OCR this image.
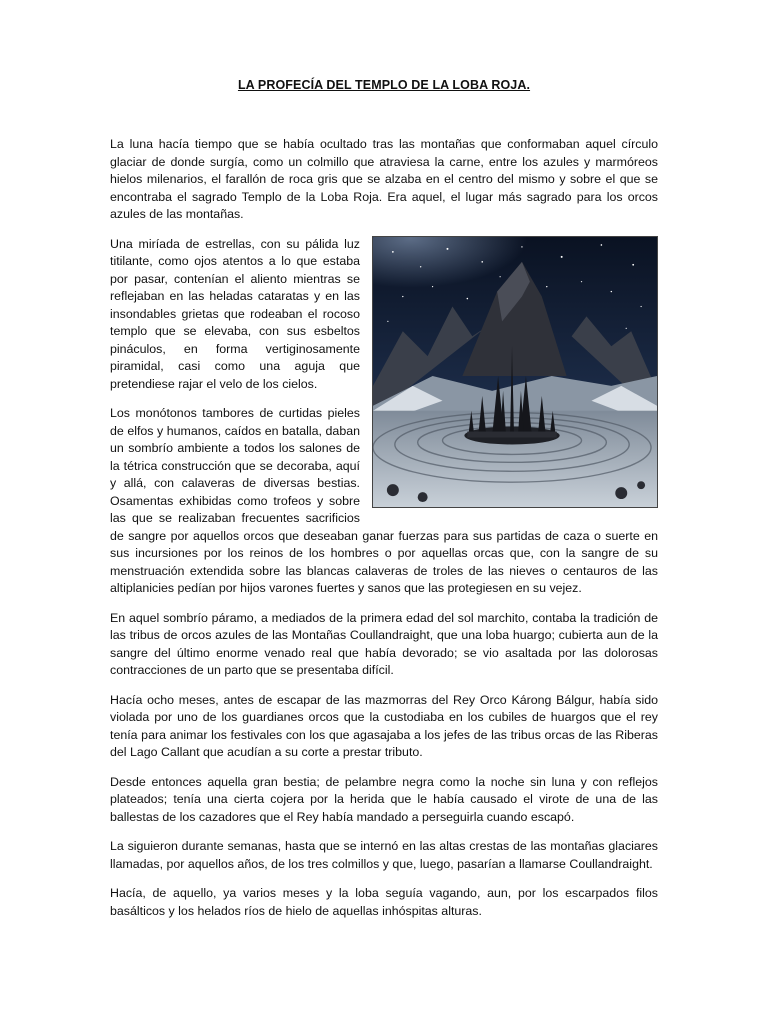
LA PROFECÍA DEL TEMPLO DE LA LOBA ROJA.

La luna hacía tiempo que se había ocultado tras las montañas que conformaban aquel círculo glaciar de donde surgía, como un colmillo que atraviesa la carne, entre los azules y marmóreos hielos milenarios, el farallón de roca gris que se alzaba en el centro del mismo y sobre el que se encontraba el sagrado Templo de la Loba Roja. Era aquel, el lugar más sagrado para los orcos azules de las montañas.

Una miríada de estrellas, con su pálida luz titilante, como ojos atentos a lo que estaba por pasar, contenían el aliento mientras se reflejaban en las heladas cataratas y en las insondables grietas que rodeaban el rocoso templo que se elevaba, con sus esbeltos pináculos, en forma vertiginosamente piramidal, casi como una aguja que pretendiese rajar el velo de los cielos.

Los monótonos tambores de curtidas pieles de elfos y humanos, caídos en batalla, daban un sombrío ambiente a todos los salones de la tétrica construcción que se decoraba, aquí y allá, con calaveras de diversas bestias. Osamentas exhibidas como trofeos y sobre las que se realizaban frecuentes sacrificios de sangre por aquellos orcos que deseaban ganar fuerzas para sus partidas de caza o suerte en sus incursiones por los reinos de los hombres o por aquellas orcas que, con la sangre de su menstruación extendida sobre las blancas calaveras de troles de las nieves o centauros de las altiplanicies pedían por hijos varones fuertes y sanos que las protegiesen en su vejez.

En aquel sombrío páramo, a mediados de la primera edad del sol marchito, contaba la tradición de las tribus de orcos azules de las Montañas Coullandraight, que una loba huargo; cubierta aun de la sangre del último enorme venado real que había devorado; se vio asaltada por las dolorosas contracciones de un parto que se presentaba difícil.

Hacía ocho meses, antes de escapar de las mazmorras del Rey Orco Károng Bálgur, había sido violada por uno de los guardianes orcos que la custodiaba en los cubiles de huargos que el rey tenía para animar los festivales con los que agasajaba a los jefes de las tribus orcas de las Riberas del Lago Callant que acudían a su corte a prestar tributo.

Desde entonces aquella gran bestia; de pelambre negra como la noche sin luna y con reflejos plateados; tenía una cierta cojera por la herida que le había causado el virote de una de las ballestas de los cazadores que el Rey había mandado a perseguirla cuando escapó.

La siguieron durante semanas, hasta que se internó en las altas crestas de las montañas glaciares llamadas, por aquellos años, de los tres colmillos y que, luego, pasarían a llamarse Coullandraight.

Hacía, de aquello, ya varios meses y la loba seguía vagando, aun, por los escarpados filos basálticos y los helados ríos de hielo de aquellas inhóspitas alturas.
